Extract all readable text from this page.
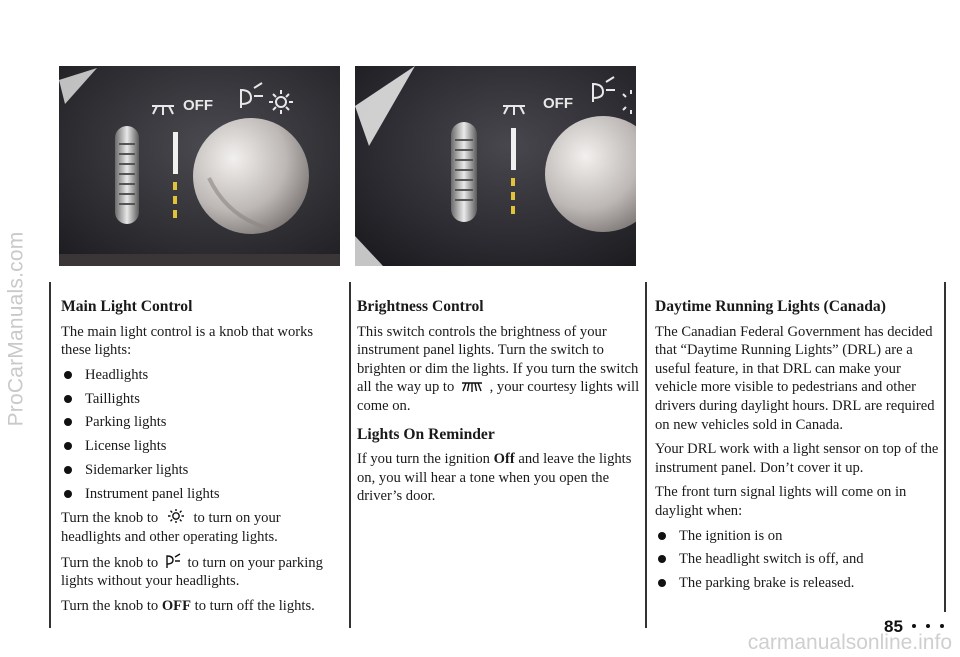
ProCarManuals.com
OFF	OFF
Main Light Control

The main light control is a knob that works these lights:

Headlights
Taillights
Parking lights
License lights
Sidemarker lights
Instrument panel lights

Turn the knob to to turn on your headlights and other operating lights.

Turn the knob to to turn on your parking lights without your headlights.

Turn the knob to OFF to turn off the lights.

Brightness Control

This switch controls the brightness of your instrument panel lights. Turn the switch to brighten or dim the lights. If you turn the switch all the way up to , your courtesy lights will come on.

Lights On Reminder

If you turn the ignition Off and leave the lights on, you will hear a tone when you open the driver’s door.

Daytime Running Lights (Canada)

The Canadian Federal Government has decided that “Daytime Running Lights” (DRL) are a useful feature, in that DRL can make your vehicle more visible to pedestrians and other drivers during daylight hours. DRL are required on new vehicles sold in Canada.

Your DRL work with a light sensor on top of the instrument panel. Don’t cover it up.

The front turn signal lights will come on in daylight when:

The ignition is on
The headlight switch is off, and
The parking brake is released.
85
carmanualsonline.info
